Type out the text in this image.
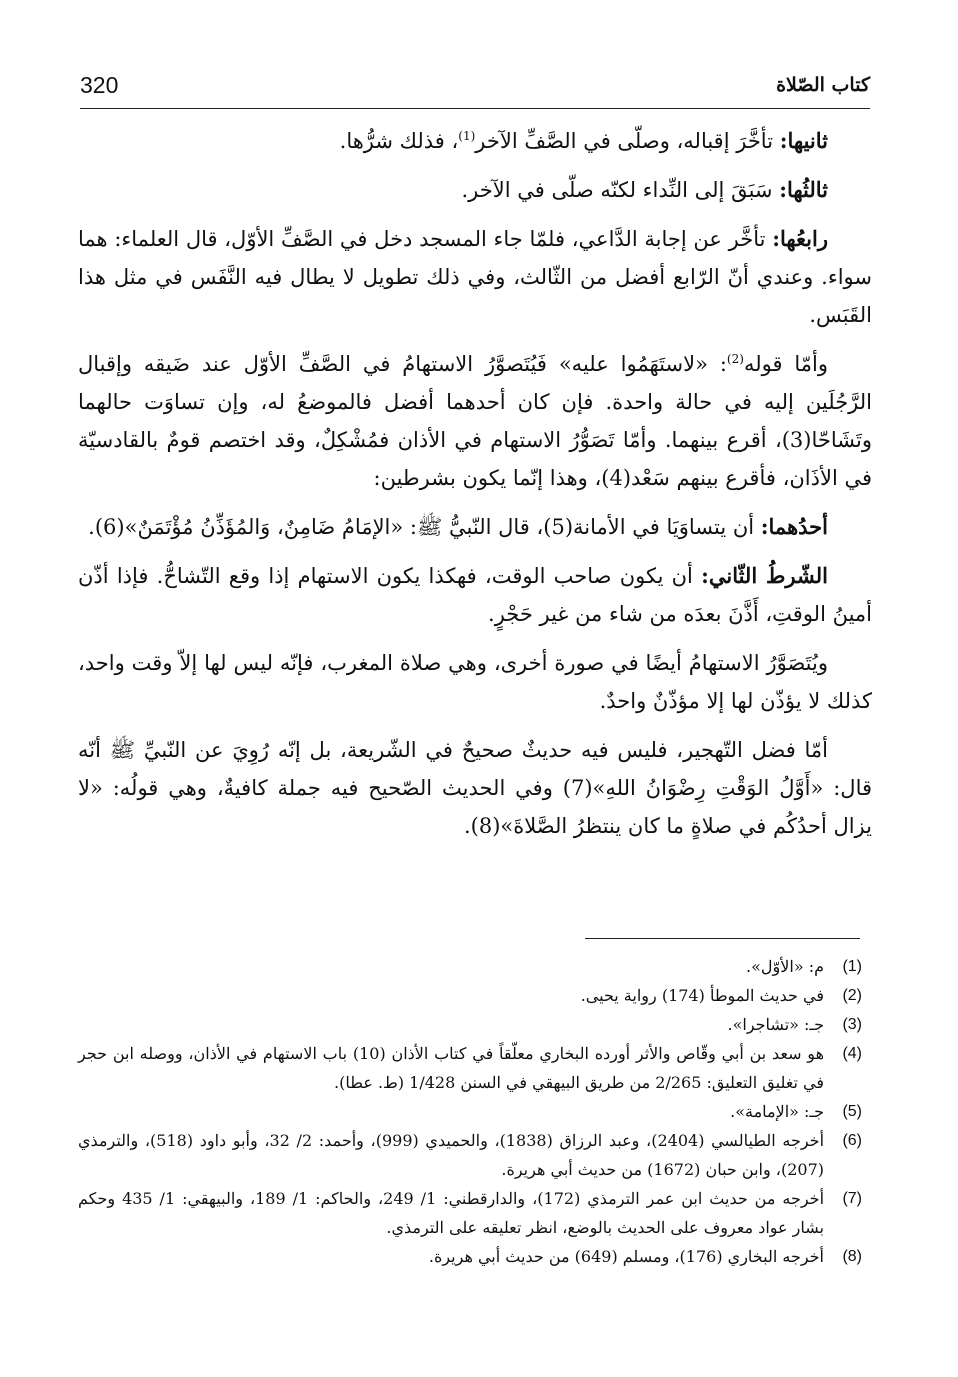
320	كتاب الصّلاة

ثانيها: تأخَّرَ إقباله، وصلّى في الصَّفِّ الآخر$^{(1)}$، فذلك شرُّها.

ثالثُها: سَبَقَ إلى النِّداء لكنّه صلّى في الآخر.

رابعُها: تأخَّر عن إجابة الدَّاعي، فلمّا جاء المسجد دخل في الصَّفِّ الأوّل، قال العلماء: هما سواء. وعندي أنّ الرّابع أفضل من الثّالث، وفي ذلك تطويل لا يطال فيه النَّفَس في مثل هذا القَبَس.

وأمّا قوله$^{(2)}$: «لاستَهَمُوا عليه» فَيُتَصوَّرُ الاستهامُ في الصَّفِّ الأوّل عند ضَيقه وإقبال الرَّجُلَين إليه في حالة واحدة. فإن كان أحدهما أفضل فالموضعُ له، وإن تساوَت حالهما وتَشَاحّا(3)، أقرع بينهما. وأمّا تَصَوُّرُ الاستهام في الأذان فمُشْكِلٌ، وقد اختصم قومٌ بالقادسيّة في الأذَان، فأقرع بينهم سَعْد(4)، وهذا إنّما يكون بشرطين:

أحدُهما: أن يتساوَيَا في الأمانة(5)، قال النّبيُّ ﷺ: «الإمَامُ ضَامِنٌ، وَالمُؤَذِّنُ مُؤْتَمَنٌ»(6).

الشّرطُ الثّاني: أن يكون صاحب الوقت، فهكذا يكون الاستهام إذا وقع التّشاحُّ. فإذا أذّن أمينُ الوقتِ، أَذَّنَ بعدَه من شاء من غير حَجْرٍ.

ويُتَصَوَّرُ الاستهامُ أيضًا في صورة أخرى، وهي صلاة المغرب، فإنّه ليس لها إلاّ وقت واحد، كذلك لا يؤذّن لها إلا مؤذّنٌ واحدٌ.

أمّا فضل التّهجير، فليس فيه حديثٌ صحيحٌ في الشّريعة، بل إنّه رُوِيَ عن النّبيِّ ﷺ أنّه قال: «أَوَّلُ الوَقْتِ رِضْوَانُ اللهِ»(7) وفي الحديث الصّحيح فيه جملة كافيةٌ، وهي قولُه: «لا يزال أحدُكُم في صلاةٍ ما كان ينتظرُ الصَّلاةَ»(8).

(1)
م: «الأوّل».
(2)
في حديث الموطأ (174) رواية يحيى.
(3)
جـ: «تشاجرا».
(4)
هو سعد بن أبي وقّاص والأثر أورده البخاري معلّقاً في كتاب الأذان (10) باب الاستهام في الأذان، ووصله ابن حجر في تغليق التعليق: 2/265 من طريق البيهقي في السنن 1/428 (ط. عطا).
(5)
جـ: «الإمامة».
(6)
أخرجه الطيالسي (2404)، وعبد الرزاق (1838)، والحميدي (999)، وأحمد: 2/ 32، وأبو داود (518)، والترمذي (207)، وابن حبان (1672) من حديث أبي هريرة.
(7)
أخرجه من حديث ابن عمر الترمذي (172)، والدارقطني: 1/ 249، والحاكم: 1/ 189، والبيهقي: 1/ 435 وحكم بشار عواد معروف على الحديث بالوضع، انظر تعليقه على الترمذي.
(8)
أخرجه البخاري (176)، ومسلم (649) من حديث أبي هريرة.
